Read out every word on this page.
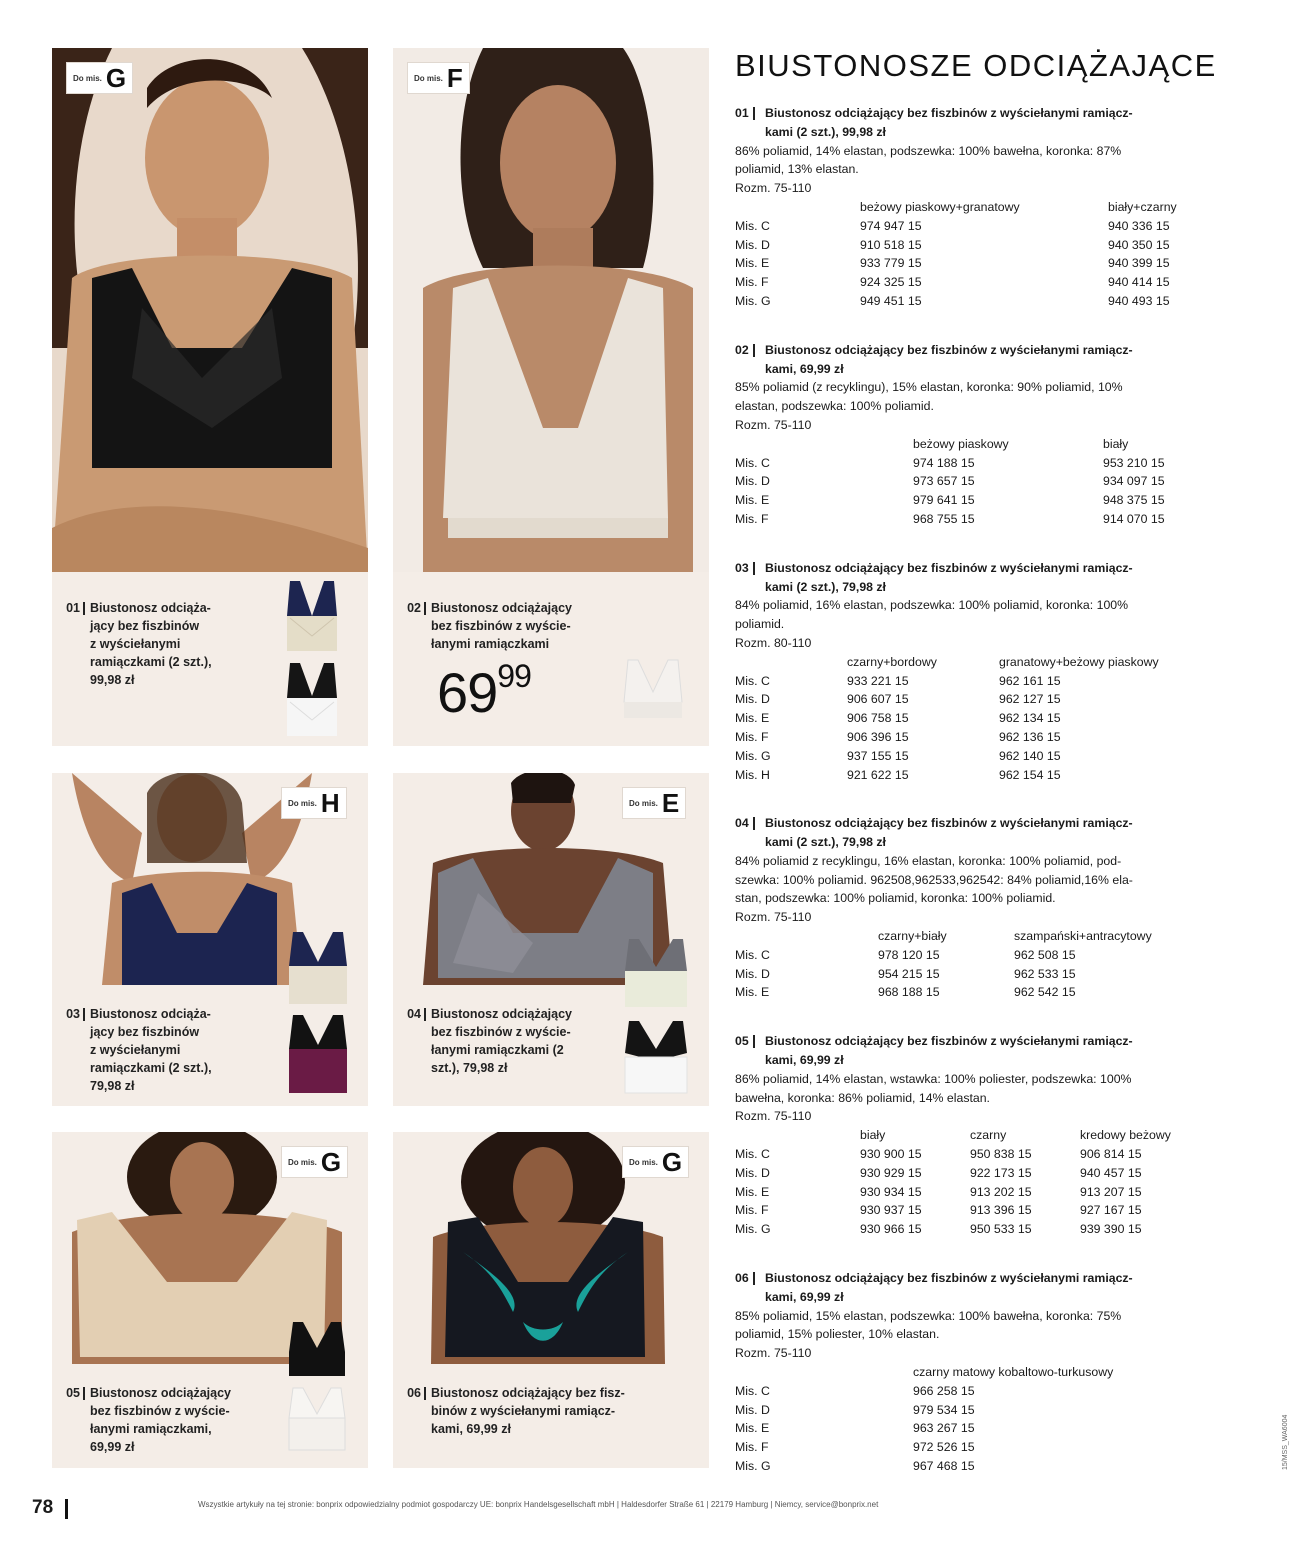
Do mis. G
01 Biustonosz odciąża-
jący bez fiszbinów
z wyściełanymi
ramiączkami (2 szt.),
99,98 zł
Do mis. F
02 Biustonosz odciążający
bez fiszbinów z wyście-
łanymi ramiączkami
$69^{99}$
Do mis. H
03 Biustonosz odciąża-
jący bez fiszbinów
z wyściełanymi
ramiączkami (2 szt.),
79,98 zł
Do mis. E
04 Biustonosz odciążający
bez fiszbinów z wyście-
łanymi ramiączkami (2
szt.), 79,98 zł
Do mis. G
05 Biustonosz odciążający
bez fiszbinów z wyście-
łanymi ramiączkami,
69,99 zł
Do mis. G
06 Biustonosz odciążający bez fisz-
binów z wyściełanymi ramiącz-
kami, 69,99 zł
BIUSTONOSZE ODCIĄŻAJĄCE
01 Biustonosz odciążający bez fiszbinów z wyściełanymi ramiącz-
kami (2 szt.), 99,98 zł
86% poliamid, 14% elastan, podszewka: 100% bawełna, koronka: 87%
poliamid, 13% elastan.
Rozm. 75-110
beżowy piaskowy+granatowy	biały+czarny
Mis. C	974 947 15	940 336 15
Mis. D	910 518 15	940 350 15
Mis. E	933 779 15	940 399 15
Mis. F	924 325 15	940 414 15
Mis. G	949 451 15	940 493 15
02 Biustonosz odciążający bez fiszbinów z wyściełanymi ramiącz-
kami, 69,99 zł
85% poliamid (z recyklingu), 15% elastan, koronka: 90% poliamid, 10%
elastan, podszewka: 100% poliamid.
Rozm. 75-110
beżowy piaskowy	biały
Mis. C	974 188 15	953 210 15
Mis. D	973 657 15	934 097 15
Mis. E	979 641 15	948 375 15
Mis. F	968 755 15	914 070 15
03 Biustonosz odciążający bez fiszbinów z wyściełanymi ramiącz-
kami (2 szt.), 79,98 zł
84% poliamid, 16% elastan, podszewka: 100% poliamid, koronka: 100%
poliamid.
Rozm. 80-110
czarny+bordowy	granatowy+beżowy piaskowy
Mis. C	933 221 15	962 161 15
Mis. D	906 607 15	962 127 15
Mis. E	906 758 15	962 134 15
Mis. F	906 396 15	962 136 15
Mis. G	937 155 15	962 140 15
Mis. H	921 622 15	962 154 15
04 Biustonosz odciążający bez fiszbinów z wyściełanymi ramiącz-
kami (2 szt.), 79,98 zł
84% poliamid z recyklingu, 16% elastan, koronka: 100% poliamid, pod-
szewka: 100% poliamid. 962508,962533,962542: 84% poliamid,16% ela-
stan, podszewka: 100% poliamid, koronka: 100% poliamid.
Rozm. 75-110
czarny+biały	szampański+antracytowy
Mis. C	978 120 15	962 508 15
Mis. D	954 215 15	962 533 15
Mis. E	968 188 15	962 542 15
05 Biustonosz odciążający bez fiszbinów z wyściełanymi ramiącz-
kami, 69,99 zł
86% poliamid, 14% elastan, wstawka: 100% poliester, podszewka: 100%
bawełna, koronka: 86% poliamid, 14% elastan.
Rozm. 75-110
biały	czarny	kredowy beżowy
Mis. C	930 900 15	950 838 15	906 814 15
Mis. D	930 929 15	922 173 15	940 457 15
Mis. E	930 934 15	913 202 15	913 207 15
Mis. F	930 937 15	913 396 15	927 167 15
Mis. G	930 966 15	950 533 15	939 390 15
06 Biustonosz odciążający bez fiszbinów z wyściełanymi ramiącz-
kami, 69,99 zł
85% poliamid, 15% elastan, podszewka: 100% bawełna, koronka: 75%
poliamid, 15% poliester, 10% elastan.
Rozm. 75-110
czarny matowy kobaltowo-turkusowy
Mis. C	966 258 15
Mis. D	979 534 15
Mis. E	963 267 15
Mis. F	972 526 15
Mis. G	967 468 15
78	Wszystkie artykuły na tej stronie: bonprix odpowiedzialny podmiot gospodarczy UE: bonprix Handelsgesellschaft mbH | Haldesdorfer Straße 61 | 22179 Hamburg | Niemcy, service@bonprix.net
15/MSS_WA6004
